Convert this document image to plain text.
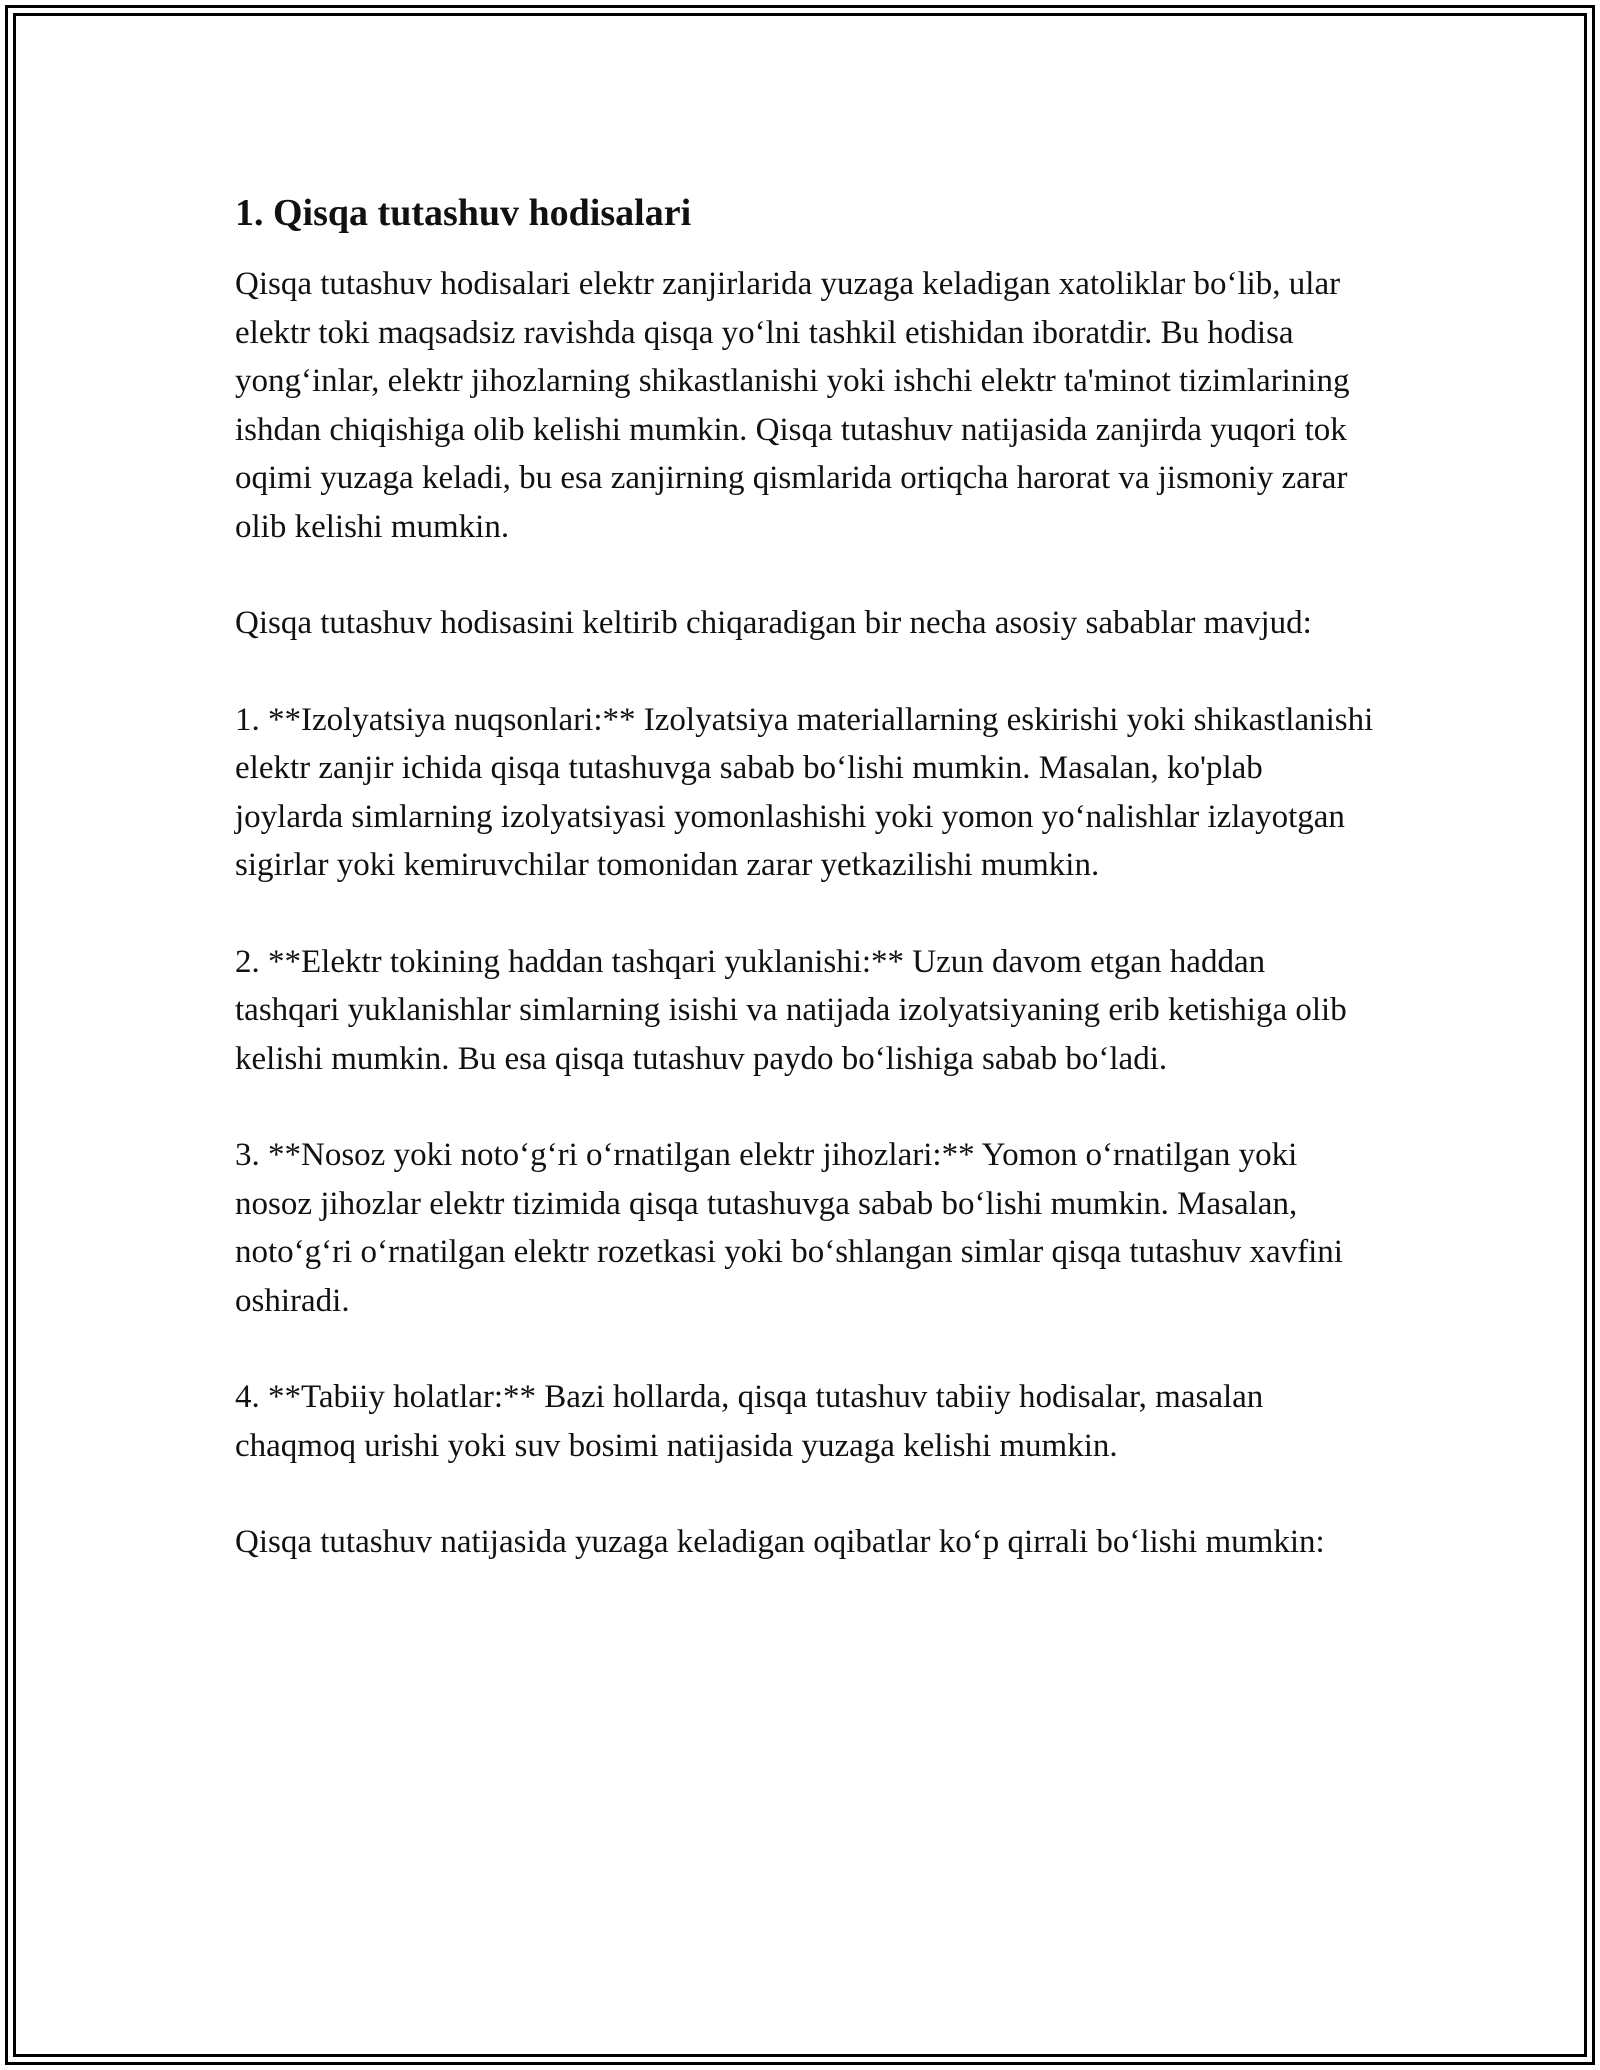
1. Qisqa tutashuv hodisalari

Qisqa tutashuv hodisalari elektr zanjirlarida yuzaga keladigan xatoliklar bo‘lib, ular elektr toki maqsadsiz ravishda qisqa yo‘lni tashkil etishidan iboratdir. Bu hodisa yong‘inlar, elektr jihozlarning shikastlanishi yoki ishchi elektr ta'minot tizimlarining ishdan chiqishiga olib kelishi mumkin. Qisqa tutashuv natijasida zanjirda yuqori tok oqimi yuzaga keladi, bu esa zanjirning qismlarida ortiqcha harorat va jismoniy zarar olib kelishi mumkin.

Qisqa tutashuv hodisasini keltirib chiqaradigan bir necha asosiy sabablar mavjud:

1. **Izolyatsiya nuqsonlari:** Izolyatsiya materiallarning eskirishi yoki shikastlanishi elektr zanjir ichida qisqa tutashuvga sabab bo‘lishi mumkin. Masalan, ko'plab joylarda simlarning izolyatsiyasi yomonlashishi yoki yomon yo‘nalishlar izlayotgan sigirlar yoki kemiruvchilar tomonidan zarar yetkazilishi mumkin.

2. **Elektr tokining haddan tashqari yuklanishi:** Uzun davom etgan haddan tashqari yuklanishlar simlarning isishi va natijada izolyatsiyaning erib ketishiga olib kelishi mumkin. Bu esa qisqa tutashuv paydo bo‘lishiga sabab bo‘ladi.

3. **Nosoz yoki noto‘g‘ri o‘rnatilgan elektr jihozlari:** Yomon o‘rnatilgan yoki nosoz jihozlar elektr tizimida qisqa tutashuvga sabab bo‘lishi mumkin. Masalan, noto‘g‘ri o‘rnatilgan elektr rozetkasi yoki bo‘shlangan simlar qisqa tutashuv xavfini oshiradi.

4. **Tabiiy holatlar:** Bazi hollarda, qisqa tutashuv tabiiy hodisalar, masalan chaqmoq urishi yoki suv bosimi natijasida yuzaga kelishi mumkin.

Qisqa tutashuv natijasida yuzaga keladigan oqibatlar ko‘p qirrali bo‘lishi mumkin:
